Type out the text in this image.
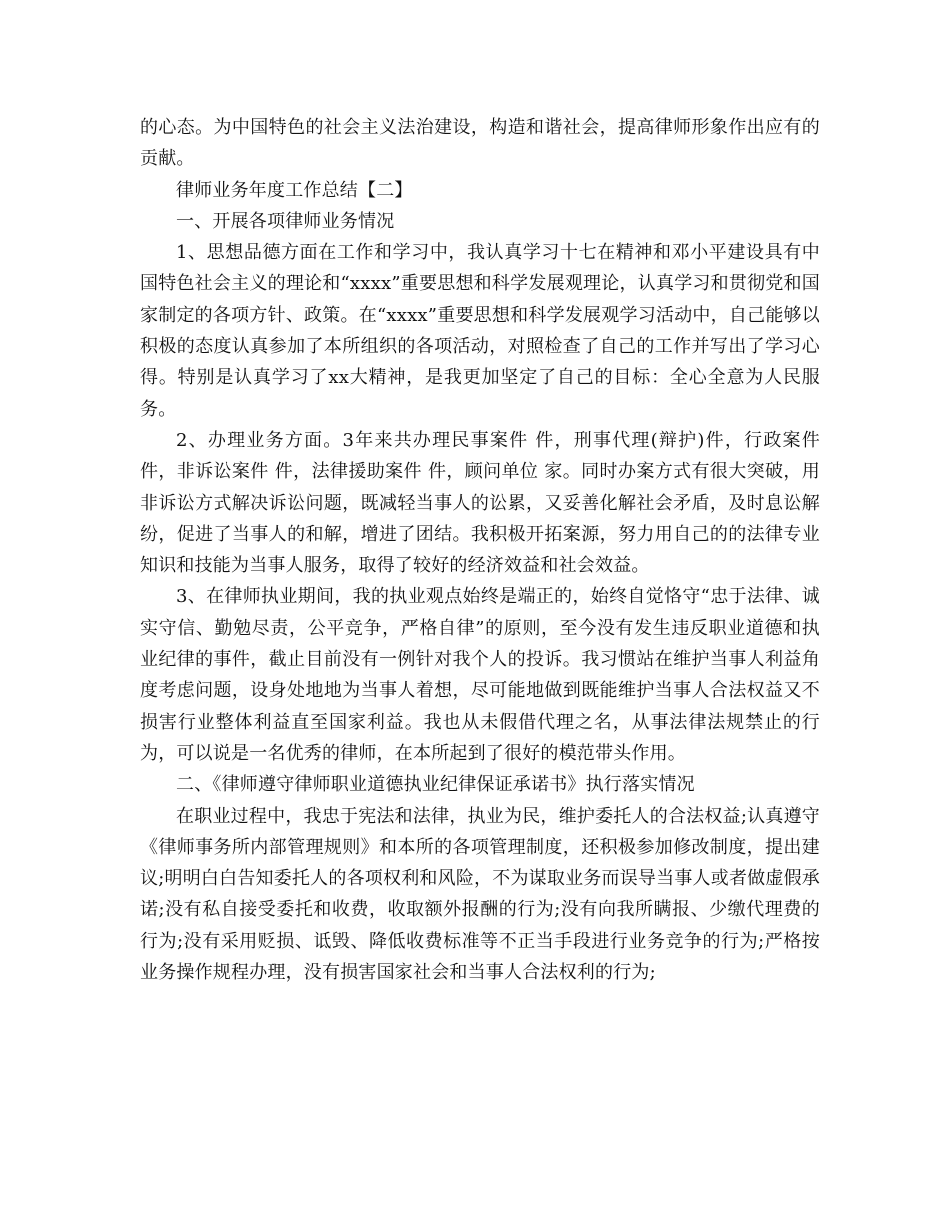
的心态。为中国特色的社会主义法治建设，构造和谐社会，提高律师形象作出应有的贡献。

律师业务年度工作总结【二】

一、开展各项律师业务情况

1、思想品德方面在工作和学习中，我认真学习十七在精神和邓小平建设具有中国特色社会主义的理论和“xxxx”重要思想和科学发展观理论，认真学习和贯彻党和国家制定的各项方针、政策。在“xxxx”重要思想和科学发展观学习活动中，自己能够以积极的态度认真参加了本所组织的各项活动，对照检查了自己的工作并写出了学习心得。特别是认真学习了xx大精神，是我更加坚定了自己的目标：全心全意为人民服务。

2、办理业务方面。3年来共办理民事案件 件，刑事代理(辩护)件，行政案件 件，非诉讼案件 件，法律援助案件 件，顾问单位 家。同时办案方式有很大突破，用非诉讼方式解决诉讼问题，既减轻当事人的讼累，又妥善化解社会矛盾，及时息讼解纷，促进了当事人的和解，增进了团结。我积极开拓案源，努力用自己的的法律专业知识和技能为当事人服务，取得了较好的经济效益和社会效益。

3、在律师执业期间，我的执业观点始终是端正的，始终自觉恪守“忠于法律、诚实守信、勤勉尽责，公平竞争，严格自律”的原则，至今没有发生违反职业道德和执业纪律的事件，截止目前没有一例针对我个人的投诉。我习惯站在维护当事人利益角度考虑问题，设身处地地为当事人着想，尽可能地做到既能维护当事人合法权益又不损害行业整体利益直至国家利益。我也从未假借代理之名，从事法律法规禁止的行为，可以说是一名优秀的律师，在本所起到了很好的模范带头作用。

二、《律师遵守律师职业道德执业纪律保证承诺书》执行落实情况

在职业过程中，我忠于宪法和法律，执业为民，维护委托人的合法权益;认真遵守《律师事务所内部管理规则》和本所的各项管理制度，还积极参加修改制度，提出建议;明明白白告知委托人的各项权利和风险，不为谋取业务而误导当事人或者做虚假承诺;没有私自接受委托和收费，收取额外报酬的行为;没有向我所瞒报、少缴代理费的行为;没有采用贬损、诋毁、降低收费标准等不正当手段进行业务竞争的行为;严格按业务操作规程办理，没有损害国家社会和当事人合法权利的行为;
